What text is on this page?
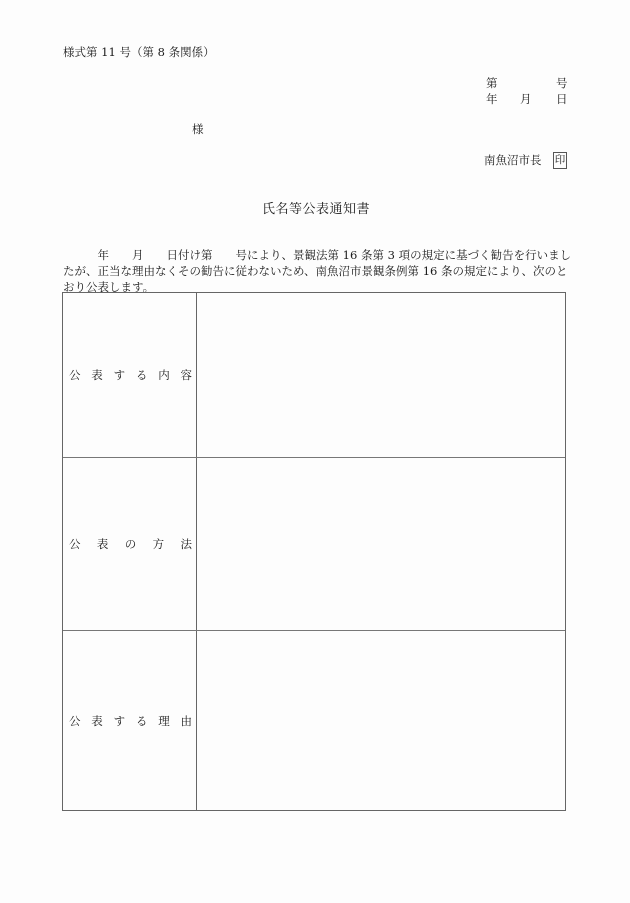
様式第 11 号（第 8 条関係）
第	号
年 月 日
様
南魚沼市長 印
氏名等公表通知書
　　　年　　月　　日付け第　　号により、景観法第 16 条第 3 項の規定に基づく勧告を行いまし
たが、正当な理由なくその勧告に従わないため、南魚沼市景観条例第 16 条の規定により、次のと
おり公表します。
公 表 す る 内 容
公 表 の 方 法
公 表 す る 理 由
